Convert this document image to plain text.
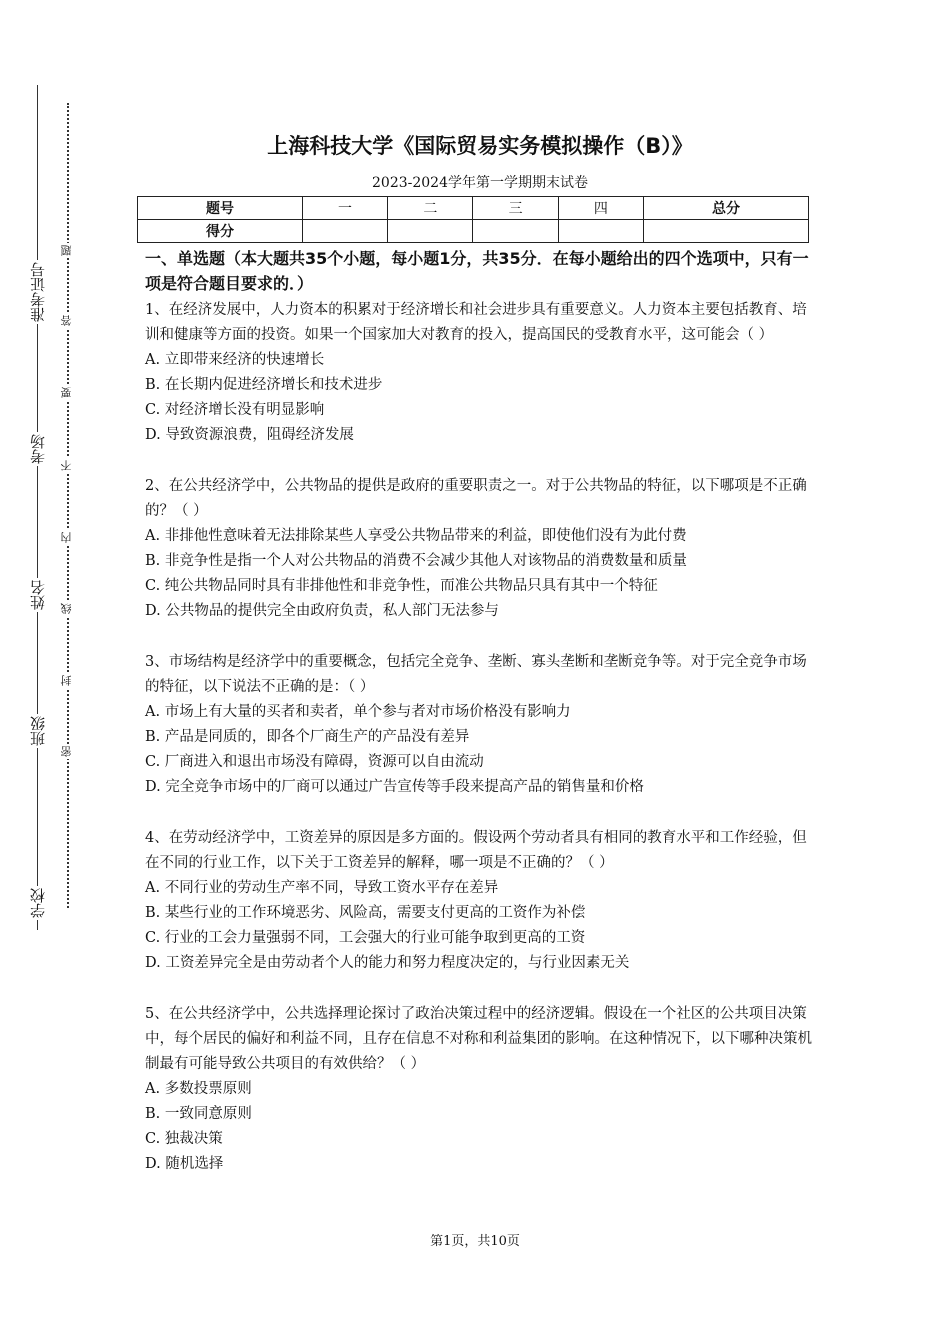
准考证号
考场
姓名
班级
学校
题
答
要
不
内
线
封
密
上海科技大学《国际贸易实务模拟操作（B）》
2023-2024学年第一学期期末试卷
题号	一	二	三	四	总分
得分					
一、单选题（本大题共35个小题，每小题1分，共35分．在每小题给出的四个选项中，只有一项是符合题目要求的．）
1、在经济发展中，人力资本的积累对于经济增长和社会进步具有重要意义。人力资本主要包括教育、培训和健康等方面的投资。如果一个国家加大对教育的投入，提高国民的受教育水平，这可能会（ ）
A. 立即带来经济的快速增长
B. 在长期内促进经济增长和技术进步
C. 对经济增长没有明显影响
D. 导致资源浪费，阻碍经济发展
2、在公共经济学中，公共物品的提供是政府的重要职责之一。对于公共物品的特征，以下哪项是不正确的？（ ）
A. 非排他性意味着无法排除某些人享受公共物品带来的利益，即使他们没有为此付费
B. 非竞争性是指一个人对公共物品的消费不会减少其他人对该物品的消费数量和质量
C. 纯公共物品同时具有非排他性和非竞争性，而准公共物品只具有其中一个特征
D. 公共物品的提供完全由政府负责，私人部门无法参与
3、市场结构是经济学中的重要概念，包括完全竞争、垄断、寡头垄断和垄断竞争等。对于完全竞争市场的特征，以下说法不正确的是：（ ）
A. 市场上有大量的买者和卖者，单个参与者对市场价格没有影响力
B. 产品是同质的，即各个厂商生产的产品没有差异
C. 厂商进入和退出市场没有障碍，资源可以自由流动
D. 完全竞争市场中的厂商可以通过广告宣传等手段来提高产品的销售量和价格
4、在劳动经济学中，工资差异的原因是多方面的。假设两个劳动者具有相同的教育水平和工作经验，但在不同的行业工作，以下关于工资差异的解释，哪一项是不正确的？（ ）
A. 不同行业的劳动生产率不同，导致工资水平存在差异
B. 某些行业的工作环境恶劣、风险高，需要支付更高的工资作为补偿
C. 行业的工会力量强弱不同，工会强大的行业可能争取到更高的工资
D. 工资差异完全是由劳动者个人的能力和努力程度决定的，与行业因素无关
5、在公共经济学中，公共选择理论探讨了政治决策过程中的经济逻辑。假设在一个社区的公共项目决策中，每个居民的偏好和利益不同，且存在信息不对称和利益集团的影响。在这种情况下，以下哪种决策机制最有可能导致公共项目的有效供给？（ ）
A. 多数投票原则
B. 一致同意原则
C. 独裁决策
D. 随机选择
第1页，共10页
